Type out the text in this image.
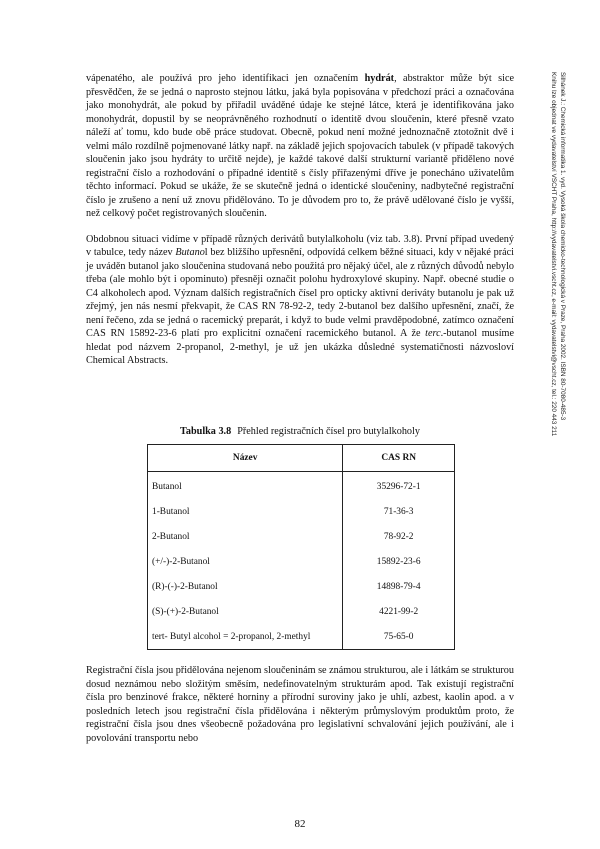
vápenatého, ale používá pro jeho identifikaci jen označením hydrát, abstraktor může být sice přesvědčen, že se jedná o naprosto stejnou látku, jaká byla popisována v předchozí práci a označována jako monohydrát, ale pokud by přiřadil uváděné údaje ke stejné látce, která je identifikována jako monohydrát, dopustil by se neoprávněného rozhodnutí o identitě dvou sloučenin, které přesně vzato náleží ať tomu, kdo bude obě práce studovat. Obecně, pokud není možné jednoznačně ztotožnit dvě i velmi málo rozdílně pojmenované látky např. na základě jejich spojovacích tabulek (v případě takových sloučenin jako jsou hydráty to určitě nejde), je každé takové další strukturní variantě přiděleno nové registrační číslo a rozhodování o případné identitě s čísly přiřazenými dříve je ponecháno uživatelům těchto informací. Pokud se ukáže, že se skutečně jedná o identické sloučeniny, nadbytečné registrační číslo je zrušeno a není už znovu přidělováno. To je důvodem pro to, že právě udělované číslo je vyšší, než celkový počet registrovaných sloučenin.

Obdobnou situaci vidíme v případě různých derivátů butylalkoholu (viz tab. 3.8). První případ uvedený v tabulce, tedy název Butanol bez bližšího upřesnění, odpovídá celkem běžné situaci, kdy v nějaké práci je uváděn butanol jako sloučenina studovaná nebo použitá pro nějaký účel, ale z různých důvodů nebylo třeba (ale mohlo být i opominuto) přesněji označit polohu hydroxylové skupiny. Např. obecné studie o C4 alkoholech apod. Význam dalších registračních čísel pro opticky aktivní deriváty butanolu je pak už zřejmý, jen nás nesmí překvapit, že CAS RN 78-92-2, tedy 2-butanol bez dalšího upřesnění, značí, že není řečeno, zda se jedná o racemický preparát, i když to bude velmi pravděpodobné, zatímco označení CAS RN 15892-23-6 platí pro explicitní označení racemického butanol. A že terc.-butanol musíme hledat pod názvem 2-propanol, 2-methyl, je už jen ukázka důsledné systematičnosti názvosloví Chemical Abstracts.

Tabulka 3.8 Přehled registračních čísel pro butylalkoholy
Název	CAS RN
Butanol	35296-72-1
1-Butanol	71-36-3
2-Butanol	78-92-2
(+/-)-2-Butanol	15892-23-6
(R)-(-)-2-Butanol	14898-79-4
(S)-(+)-2-Butanol	4221-99-2
tert- Butyl alcohol = 2-propanol, 2-methyl	75-65-0

Registrační čísla jsou přidělována nejenom sloučeninám se známou strukturou, ale i látkám se strukturou dosud neznámou nebo složitým směsím, nedefinovatelným strukturám apod. Tak existují registrační čísla pro benzinové frakce, některé horniny a přírodní suroviny jako je uhlí, azbest, kaolin apod. a v posledních letech jsou registrační čísla přidělována i některým průmyslovým produktům proto, že registrační čísla jsou dnes všeobecně požadována pro legislativní schvalování jejich používání, ale i povolování transportu nebo

82
Šilhánek J.: Chemická informatika 1. vyd. Vysoká škola chemicko-technologická v Praze, Praha 2002. ISBN 80-7080-485-3
Knihu lze objednat ve vydavatelství VŠCHT Praha, http://vydavatelstvi.vscht.cz, e-mail: vydavatelstvi@vscht.cz, tel.: 220 443 211
